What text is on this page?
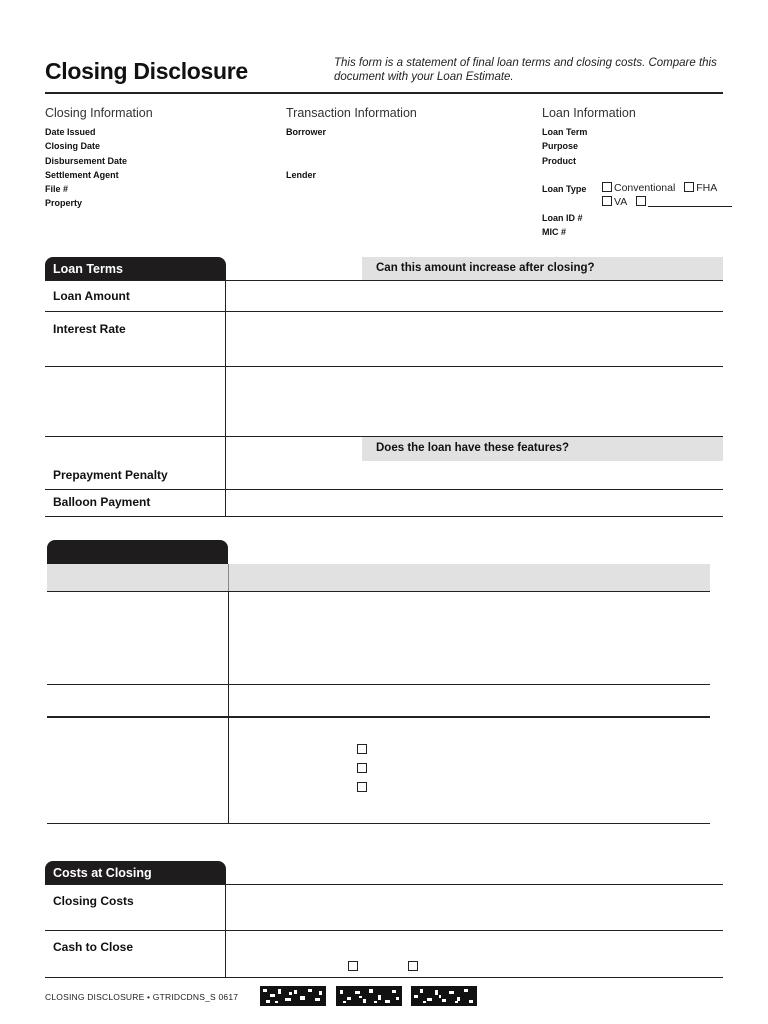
Closing Disclosure	This form is a statement of final loan terms and closing costs. Compare this document with your Loan Estimate.
Closing Information
Date Issued
Closing Date
Disbursement Date
Settlement Agent
File #
Property
Transaction Information
Borrower
Lender
Loan Information
Loan Term
Purpose
Product
Loan Type	Conventional FHA
VA
Loan ID #
MIC #
Loan Terms	Can this amount increase after closing?
Loan Amount
Interest Rate
Does the loan have these features?
Prepayment Penalty
Balloon Payment
Costs at Closing
Closing Costs
Cash to Close
CLOSING DISCLOSURE • GTRIDCDNS_S 0617
